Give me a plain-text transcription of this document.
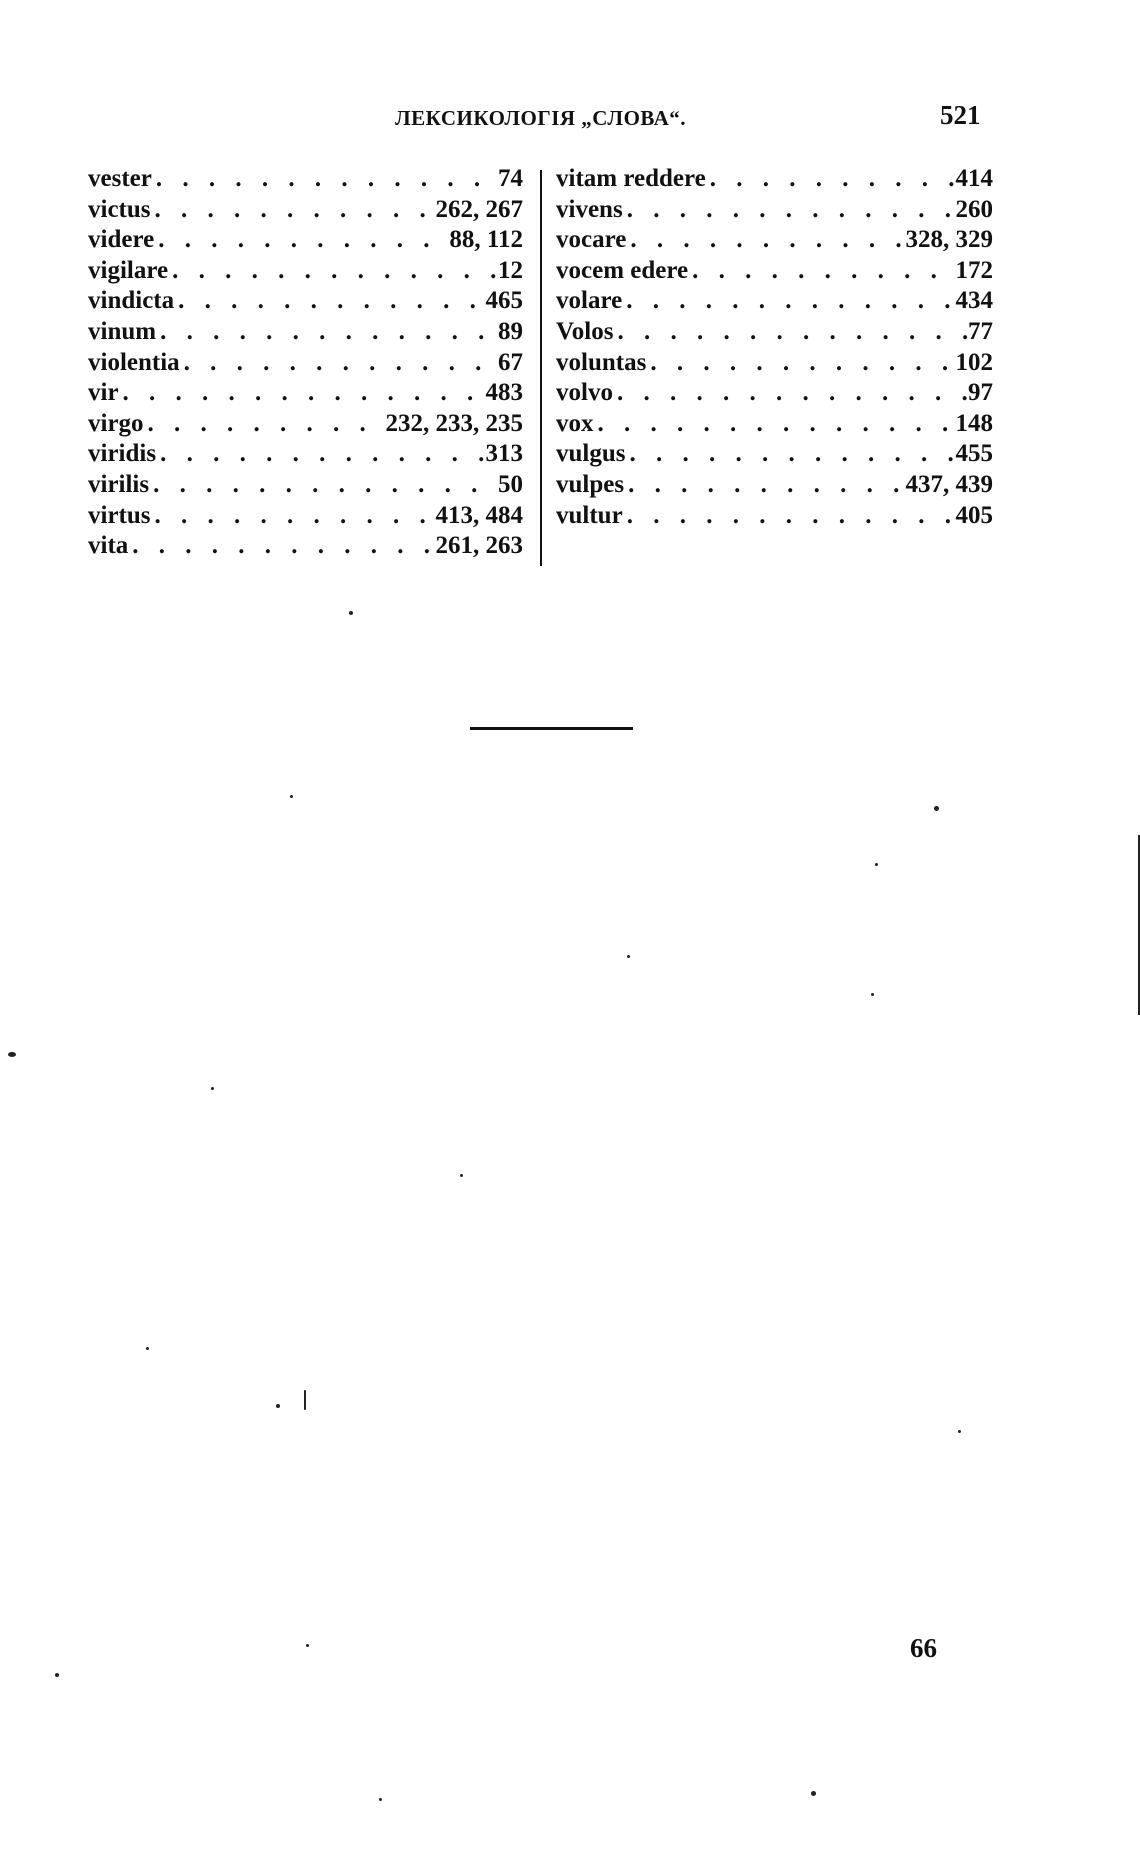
ЛЕКСИКОЛОГІЯ „СЛОВА“.	521
vester . . .	74
victus . . .	262, 267
videre . . .	88, 112
vigilare . . .	12
vindicta . . .	465
vinum . . .	89
violentia . . .	67
vir . . .	483
virgo . . .	232, 233, 235
viridis . . .	313
virilis . . .	50
virtus . . .	413, 484
vita . . .	261, 263
vitam reddere . . .	414
vivens . . .	260
vocare . . .	328, 329
vocem edere . . .	172
volare . . .	434
Volos . . .	77
voluntas . . .	102
volvo . . .	97
vox . . .	148
vulgus . . .	455
vulpes . . .	437, 439
vultur . . .	405
66
